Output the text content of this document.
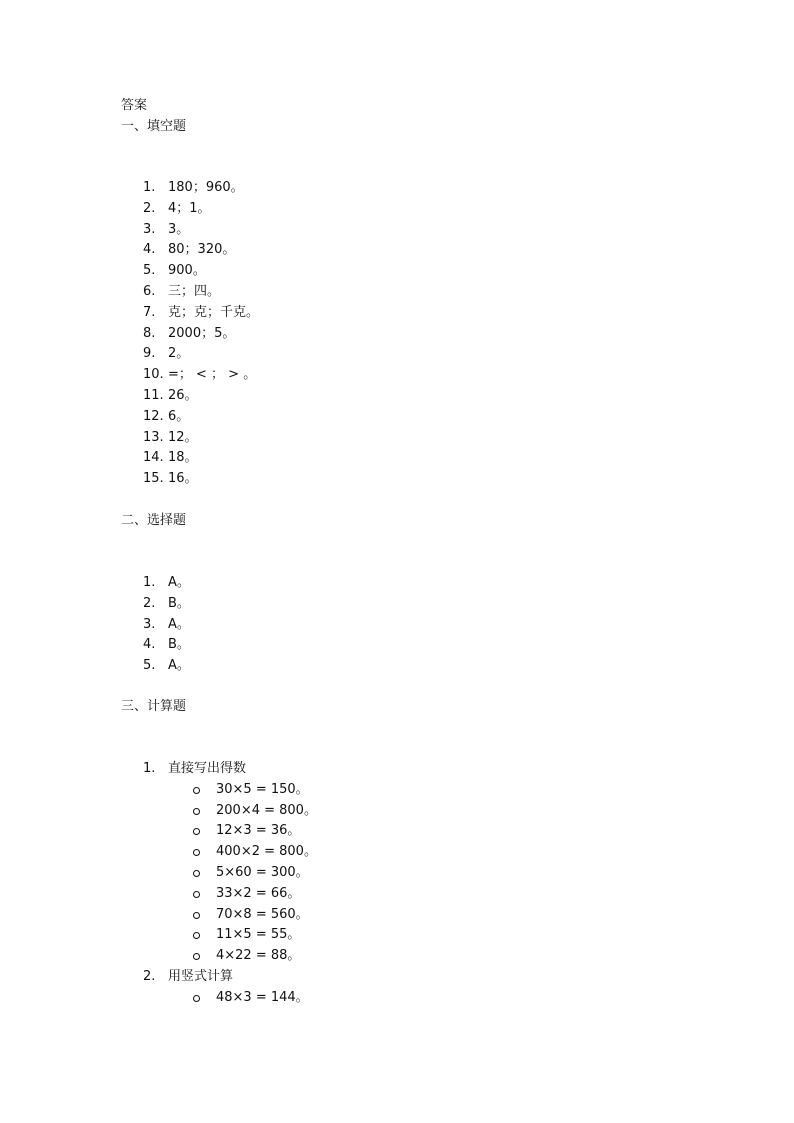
答案
一、填空题
1. 180；960。
2. 4；1。
3. 3。
4. 80；320。
5. 900。
6. 三；四。
7. 克；克；千克。
8. 2000；5。
9. 2。
10. =； < ； > 。
11. 26。
12. 6。
13. 12。
14. 18。
15. 16。
二、选择题
1. A。
2. B。
3. A。
4. B。
5. A。
三、计算题
1. 直接写出得数
30×5 = 150。
200×4 = 800。
12×3 = 36。
400×2 = 800。
5×60 = 300。
33×2 = 66。
70×8 = 560。
11×5 = 55。
4×22 = 88。
2. 用竖式计算
48×3 = 144。
